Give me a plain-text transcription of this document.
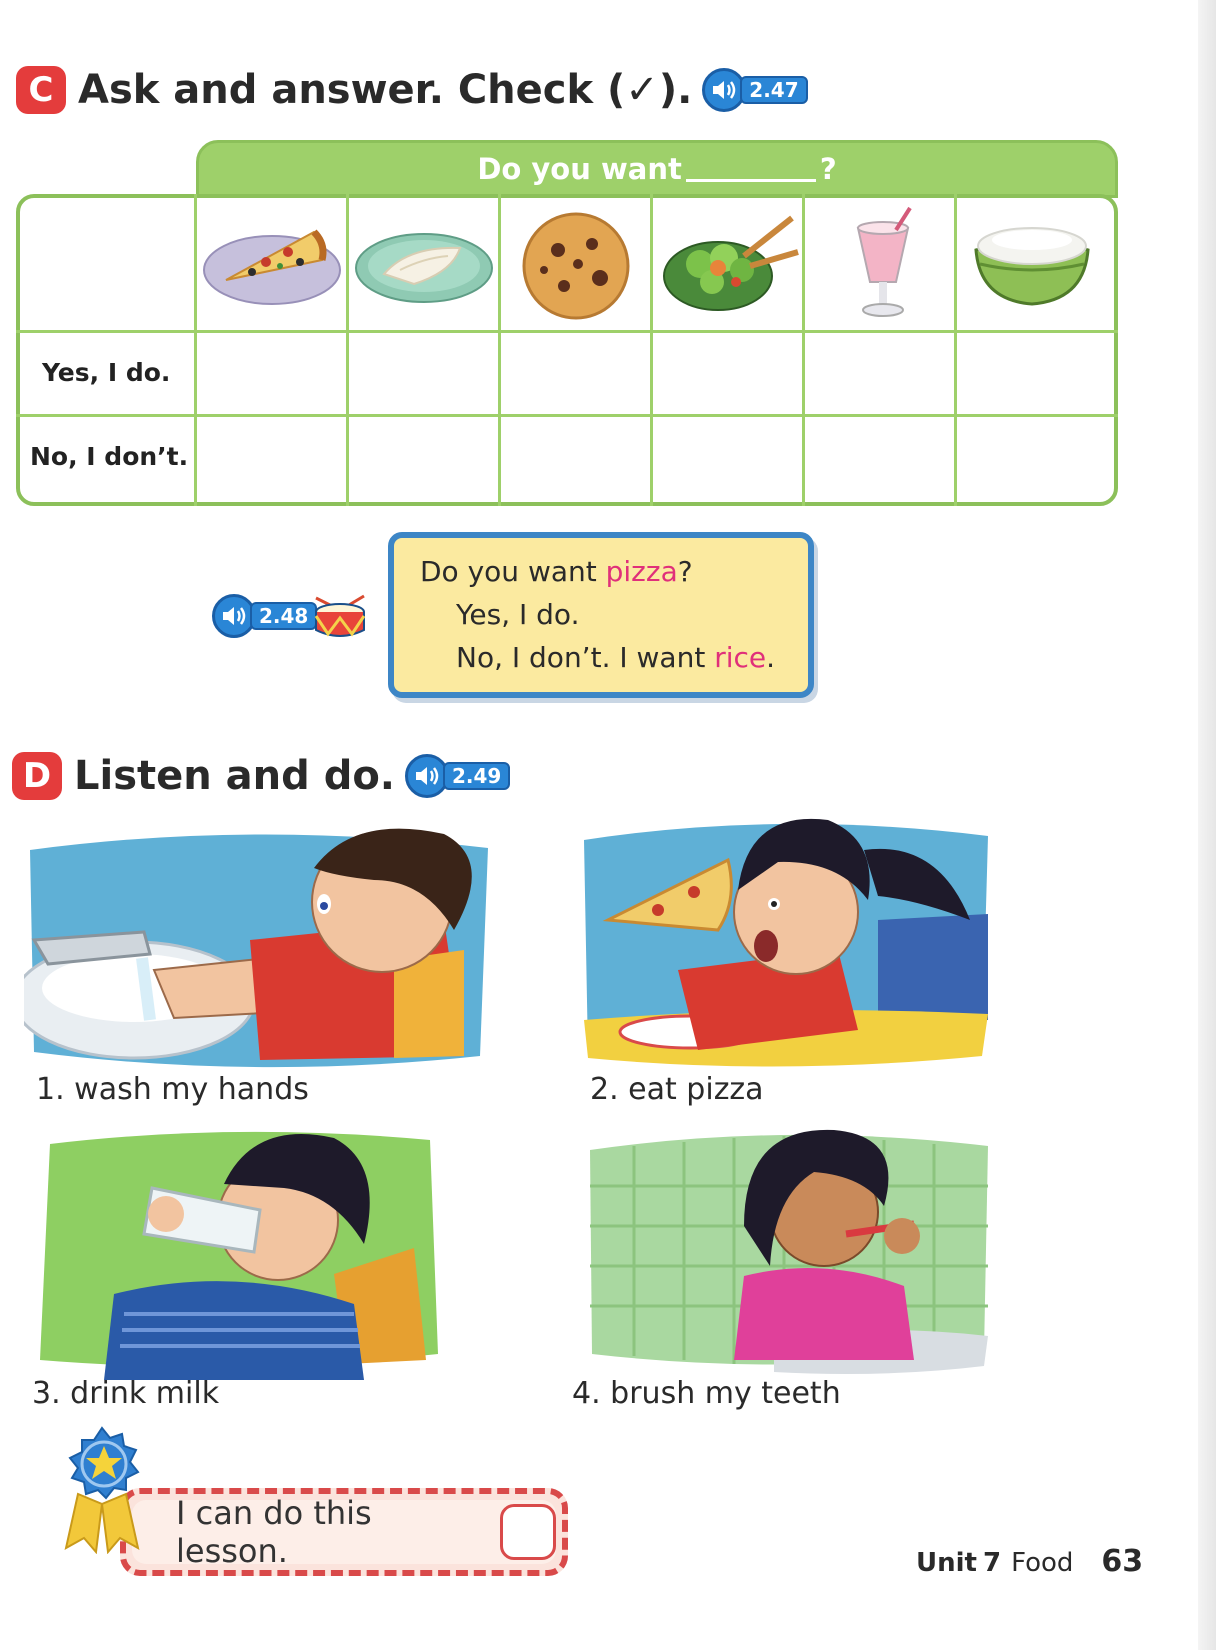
C Ask and answer. Check (✓).	2.47
Do you want	?
Yes, I do.
No, I don’t.
2.48
Do you want pizza?
Yes, I do.
No, I don’t. I want rice.
D Listen and do.	2.49
1. wash my hands	2. eat pizza
3. drink milk	4. brush my teeth
I can do this lesson.	Unit 7 Food 63
